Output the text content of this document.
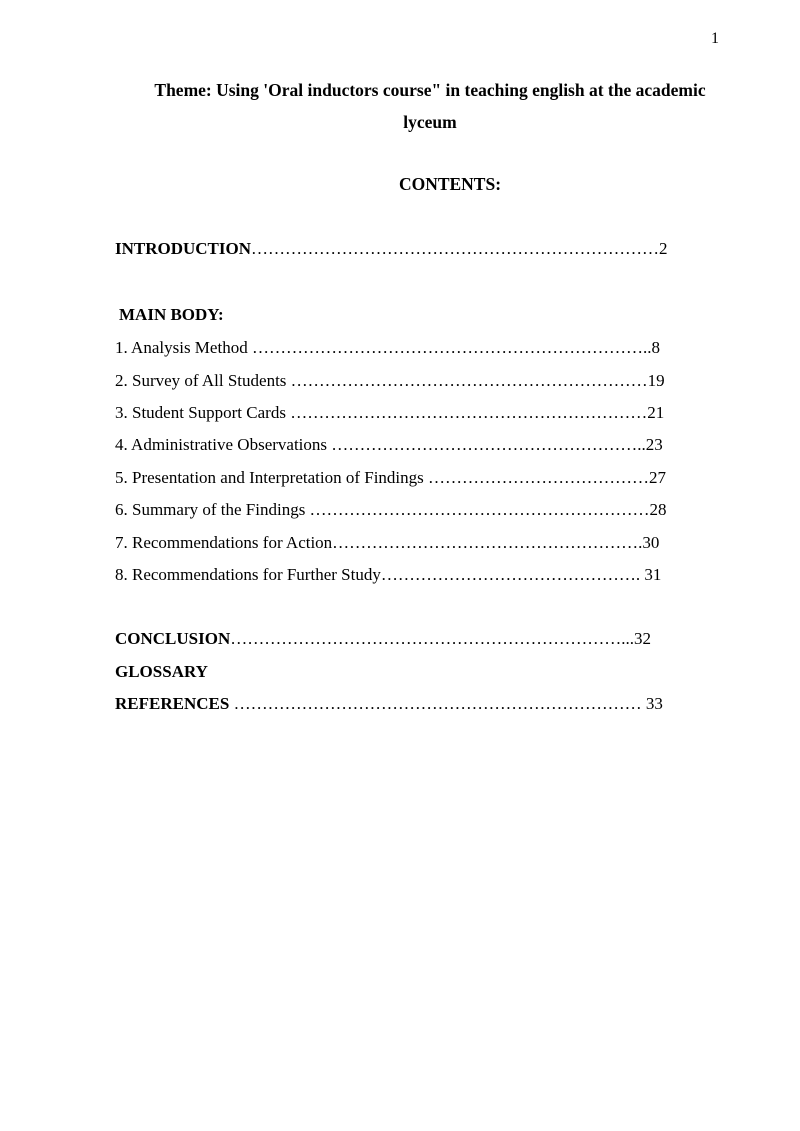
1
Theme: Using 'Oral inductors course" in teaching english at the academic
lyceum
CONTENTS:
INTRODUCTION………………………………………………………………2
MAIN BODY:
1. Analysis Method ……………………………………………………………..8
2. Survey of All Students ………………………………………………………19
3. Student Support Cards ………………………………………………………21
4. Administrative Observations ………………………………………………..23
5. Presentation and Interpretation of Findings …………………………………27
6. Summary of the Findings ……………………………………………………28
7. Recommendations for Action……………………………………………….30
8. Recommendations for Further Study………………………………………. 31
CONCLUSION……………………………………………………………...32
GLOSSARY
REFERENCES ……………………………………………………………… 33
